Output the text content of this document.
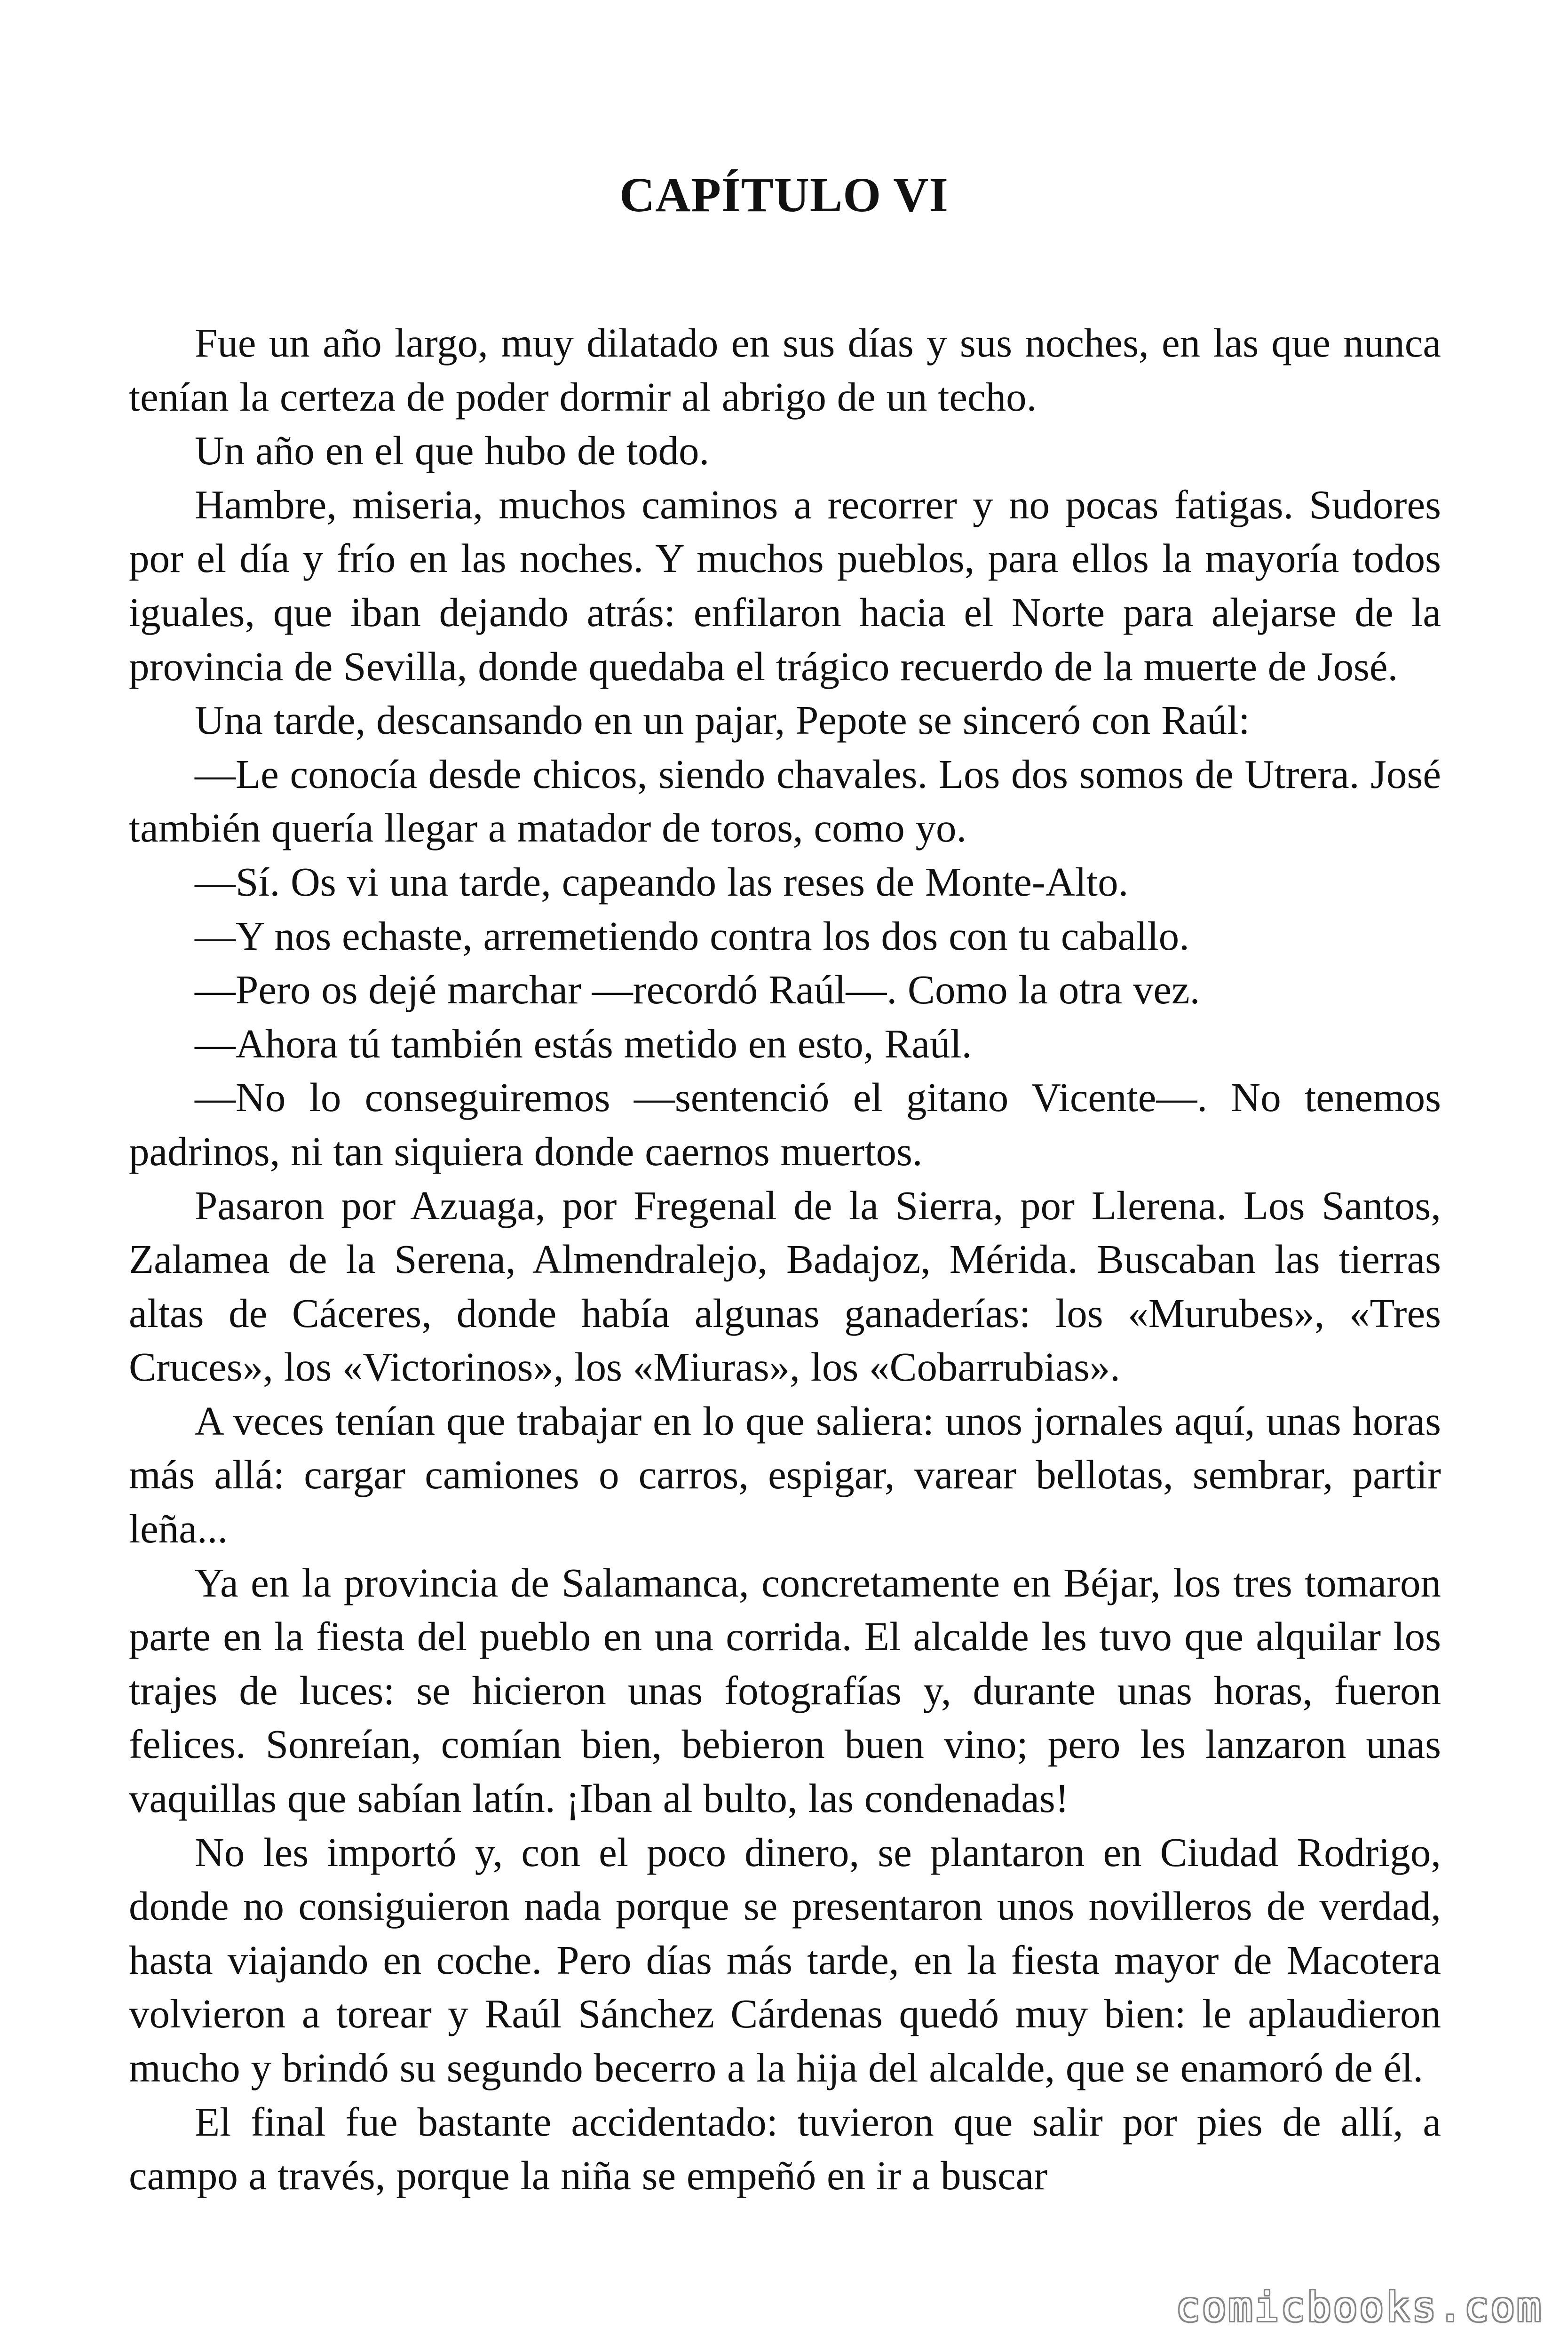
CAPÍTULO VI

Fue un año largo, muy dilatado en sus días y sus noches, en las que nunca tenían la certeza de poder dormir al abrigo de un techo.

Un año en el que hubo de todo.

Hambre, miseria, muchos caminos a recorrer y no pocas fatigas. Sudores por el día y frío en las noches. Y muchos pueblos, para ellos la mayoría todos iguales, que iban dejando atrás: enfilaron hacia el Norte para alejarse de la provincia de Sevilla, donde quedaba el trágico recuerdo de la muerte de José.

Una tarde, descansando en un pajar, Pepote se sinceró con Raúl:

—Le conocía desde chicos, siendo chavales. Los dos somos de Utrera. José también quería llegar a matador de toros, como yo.

—Sí. Os vi una tarde, capeando las reses de Monte-Alto.

—Y nos echaste, arremetiendo contra los dos con tu caballo.

—Pero os dejé marchar —recordó Raúl—. Como la otra vez.

—Ahora tú también estás metido en esto, Raúl.

—No lo conseguiremos —sentenció el gitano Vicente—. No tenemos padrinos, ni tan siquiera donde caernos muertos.

Pasaron por Azuaga, por Fregenal de la Sierra, por Llerena. Los Santos, Zalamea de la Serena, Almendralejo, Badajoz, Mérida. Buscaban las tierras altas de Cáceres, donde había algunas ganaderías: los «Murubes», «Tres Cruces», los «Victorinos», los «Miuras», los «Cobarrubias».

A veces tenían que trabajar en lo que saliera: unos jornales aquí, unas horas más allá: cargar camiones o carros, espigar, varear bellotas, sembrar, partir leña...

Ya en la provincia de Salamanca, concretamente en Béjar, los tres tomaron parte en la fiesta del pueblo en una corrida. El alcalde les tuvo que alquilar los trajes de luces: se hicieron unas fotografías y, durante unas horas, fueron felices. Sonreían, comían bien, bebieron buen vino; pero les lanzaron unas vaquillas que sabían latín. ¡Iban al bulto, las condenadas!

No les importó y, con el poco dinero, se plantaron en Ciudad Rodrigo, donde no consiguieron nada porque se presentaron unos novilleros de verdad, hasta viajando en coche. Pero días más tarde, en la fiesta mayor de Macotera volvieron a torear y Raúl Sánchez Cárdenas quedó muy bien: le aplaudieron mucho y brindó su segundo becerro a la hija del alcalde, que se enamoró de él.

El final fue bastante accidentado: tuvieron que salir por pies de allí, a campo a través, porque la niña se empeñó en ir a buscar

comicbooks.com
